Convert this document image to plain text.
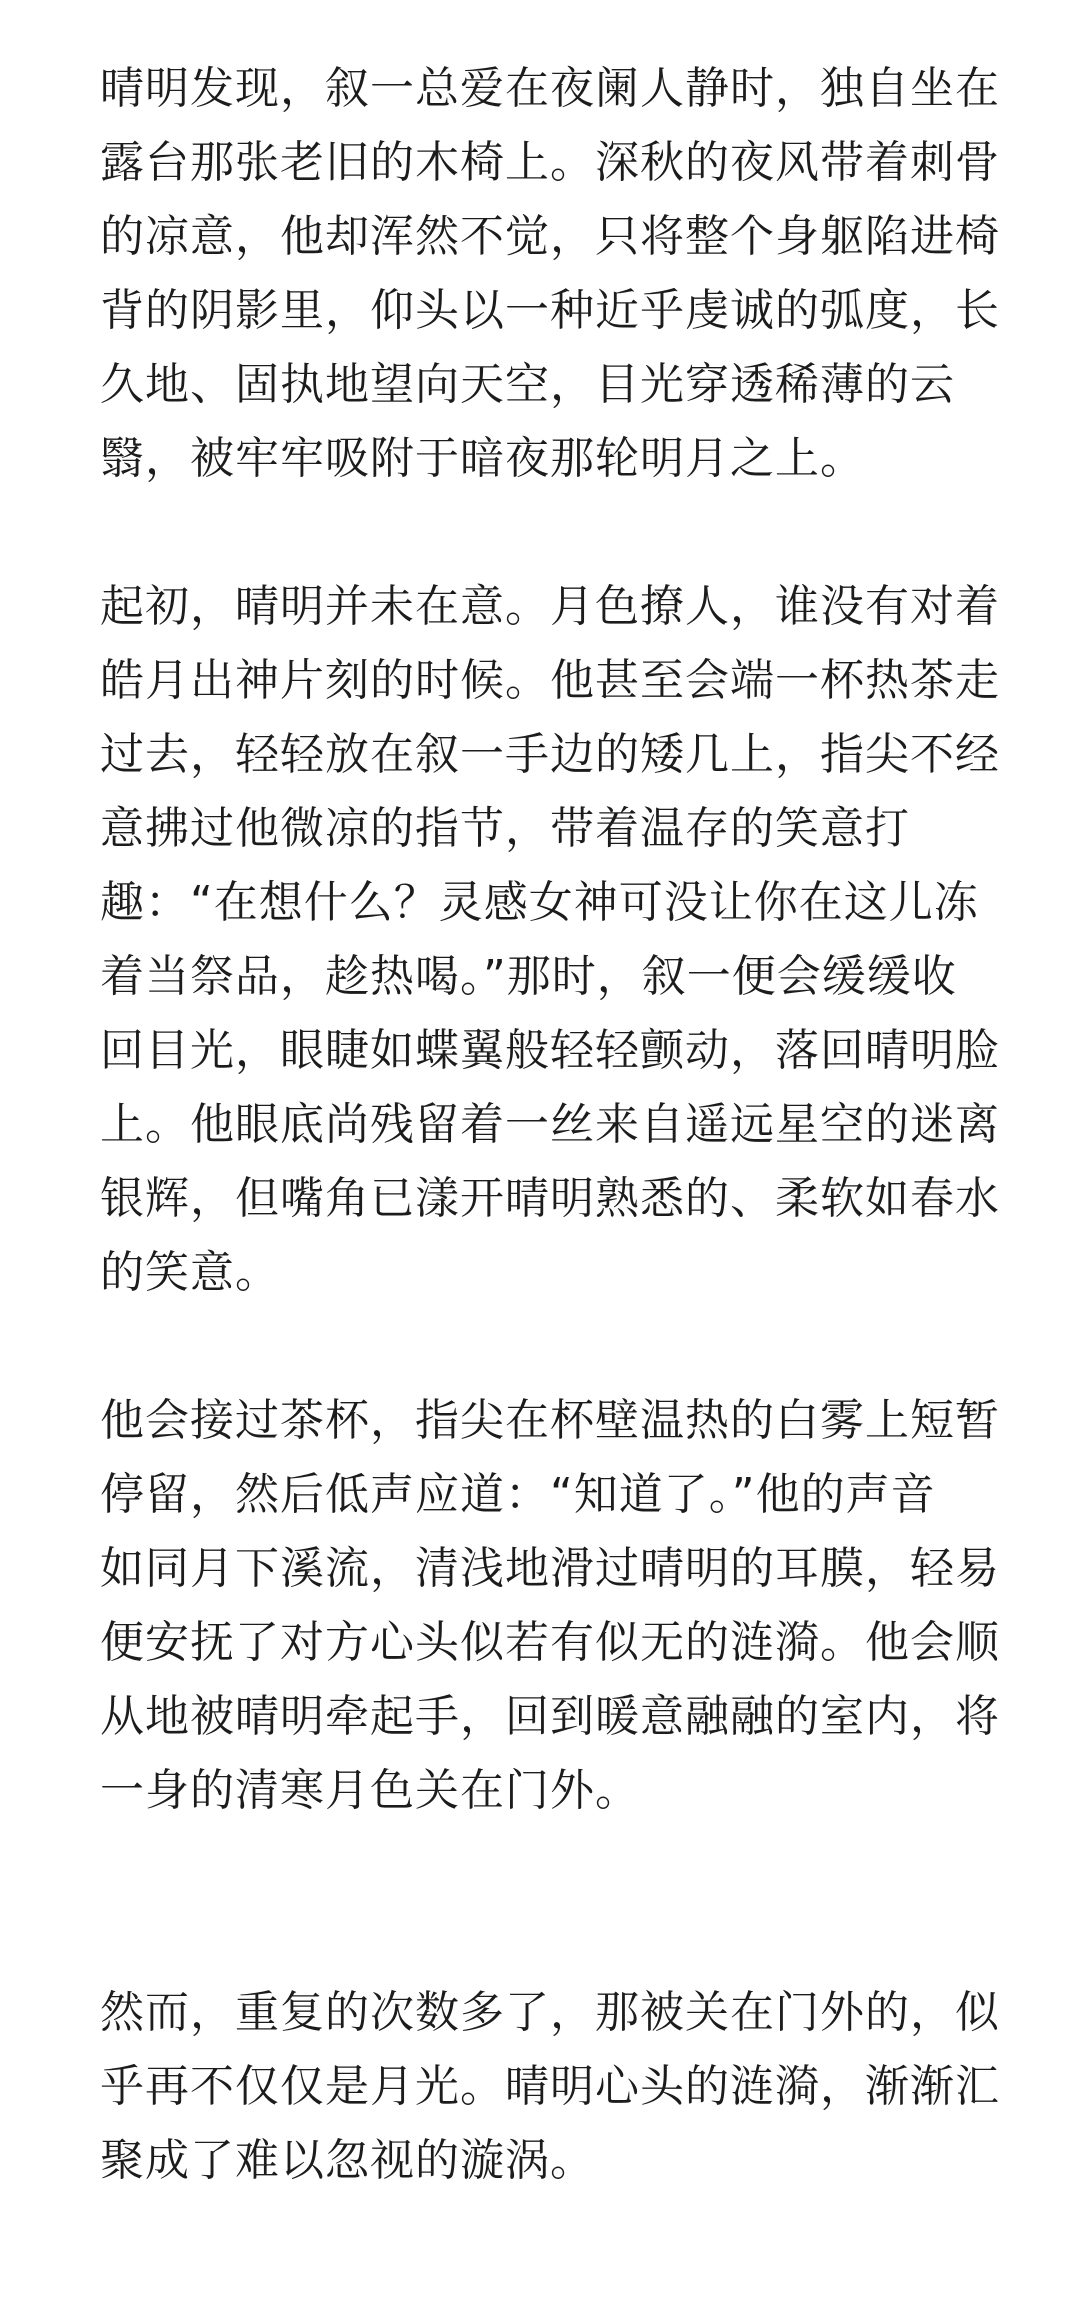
晴明发现，叙一总爱在夜阑人静时，独自坐在
露台那张老旧的木椅上。深秋的夜风带着刺骨
的凉意，他却浑然不觉，只将整个身躯陷进椅
背的阴影里，仰头以一种近乎虔诚的弧度，长
久地、固执地望向天空，目光穿透稀薄的云
翳，被牢牢吸附于暗夜那轮明月之上。

起初，晴明并未在意。月色撩人，谁没有对着
皓月出神片刻的时候。他甚至会端一杯热茶走
过去，轻轻放在叙一手边的矮几上，指尖不经
意拂过他微凉的指节，带着温存的笑意打
趣：“在想什么？灵感女神可没让你在这儿冻
着当祭品，趁热喝。”那时，叙一便会缓缓收
回目光，眼睫如蝶翼般轻轻颤动，落回晴明脸
上。他眼底尚残留着一丝来自遥远星空的迷离
银辉，但嘴角已漾开晴明熟悉的、柔软如春水
的笑意。

他会接过茶杯，指尖在杯壁温热的白雾上短暂
停留，然后低声应道：“知道了。”他的声音
如同月下溪流，清浅地滑过晴明的耳膜，轻易
便安抚了对方心头似若有似无的涟漪。他会顺
从地被晴明牵起手，回到暖意融融的室内，将
一身的清寒月色关在门外。

然而，重复的次数多了，那被关在门外的，似
乎再不仅仅是月光。晴明心头的涟漪，渐渐汇
聚成了难以忽视的漩涡。
